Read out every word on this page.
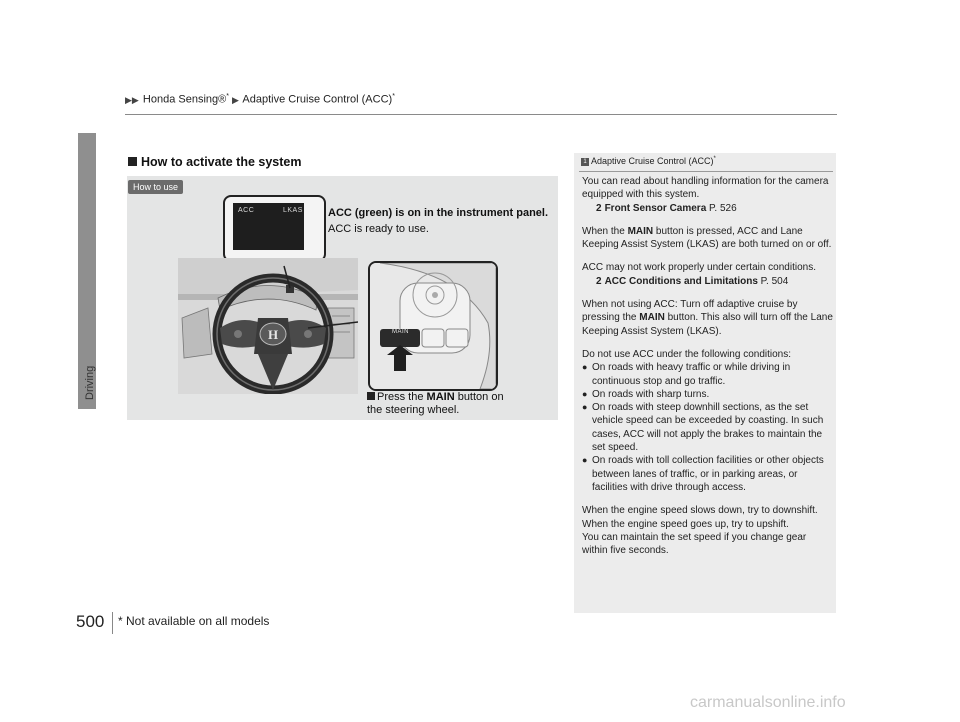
▶▶ Honda Sensing®* ▶ Adaptive Cruise Control (ACC)*
Driving
How to activate the system
How to use
ACC	LKAS ACC (green) is on in the instrument panel.
ACC is ready to use.
H	MAIN
Press the MAIN button on
the steering wheel.
1 Adaptive Cruise Control (ACC)*

You can read about handling information for the camera equipped with this system.
2 Front Sensor Camera P. 526

When the MAIN button is pressed, ACC and Lane Keeping Assist System (LKAS) are both turned on or off.

ACC may not work properly under certain conditions.
2 ACC Conditions and Limitations P. 504

When not using ACC: Turn off adaptive cruise by pressing the MAIN button. This also will turn off the Lane Keeping Assist System (LKAS).

Do not use ACC under the following conditions:

● On roads with heavy traffic or while driving in continuous stop and go traffic.
● On roads with sharp turns.
● On roads with steep downhill sections, as the set vehicle speed can be exceeded by coasting. In such cases, ACC will not apply the brakes to maintain the set speed.
● On roads with toll collection facilities or other objects between lanes of traffic, or in parking areas, or facilities with drive through access.

When the engine speed slows down, try to downshift.

When the engine speed goes up, try to upshift.

You can maintain the set speed if you change gear within five seconds.

500 * Not available on all models
carmanualsonline.info
